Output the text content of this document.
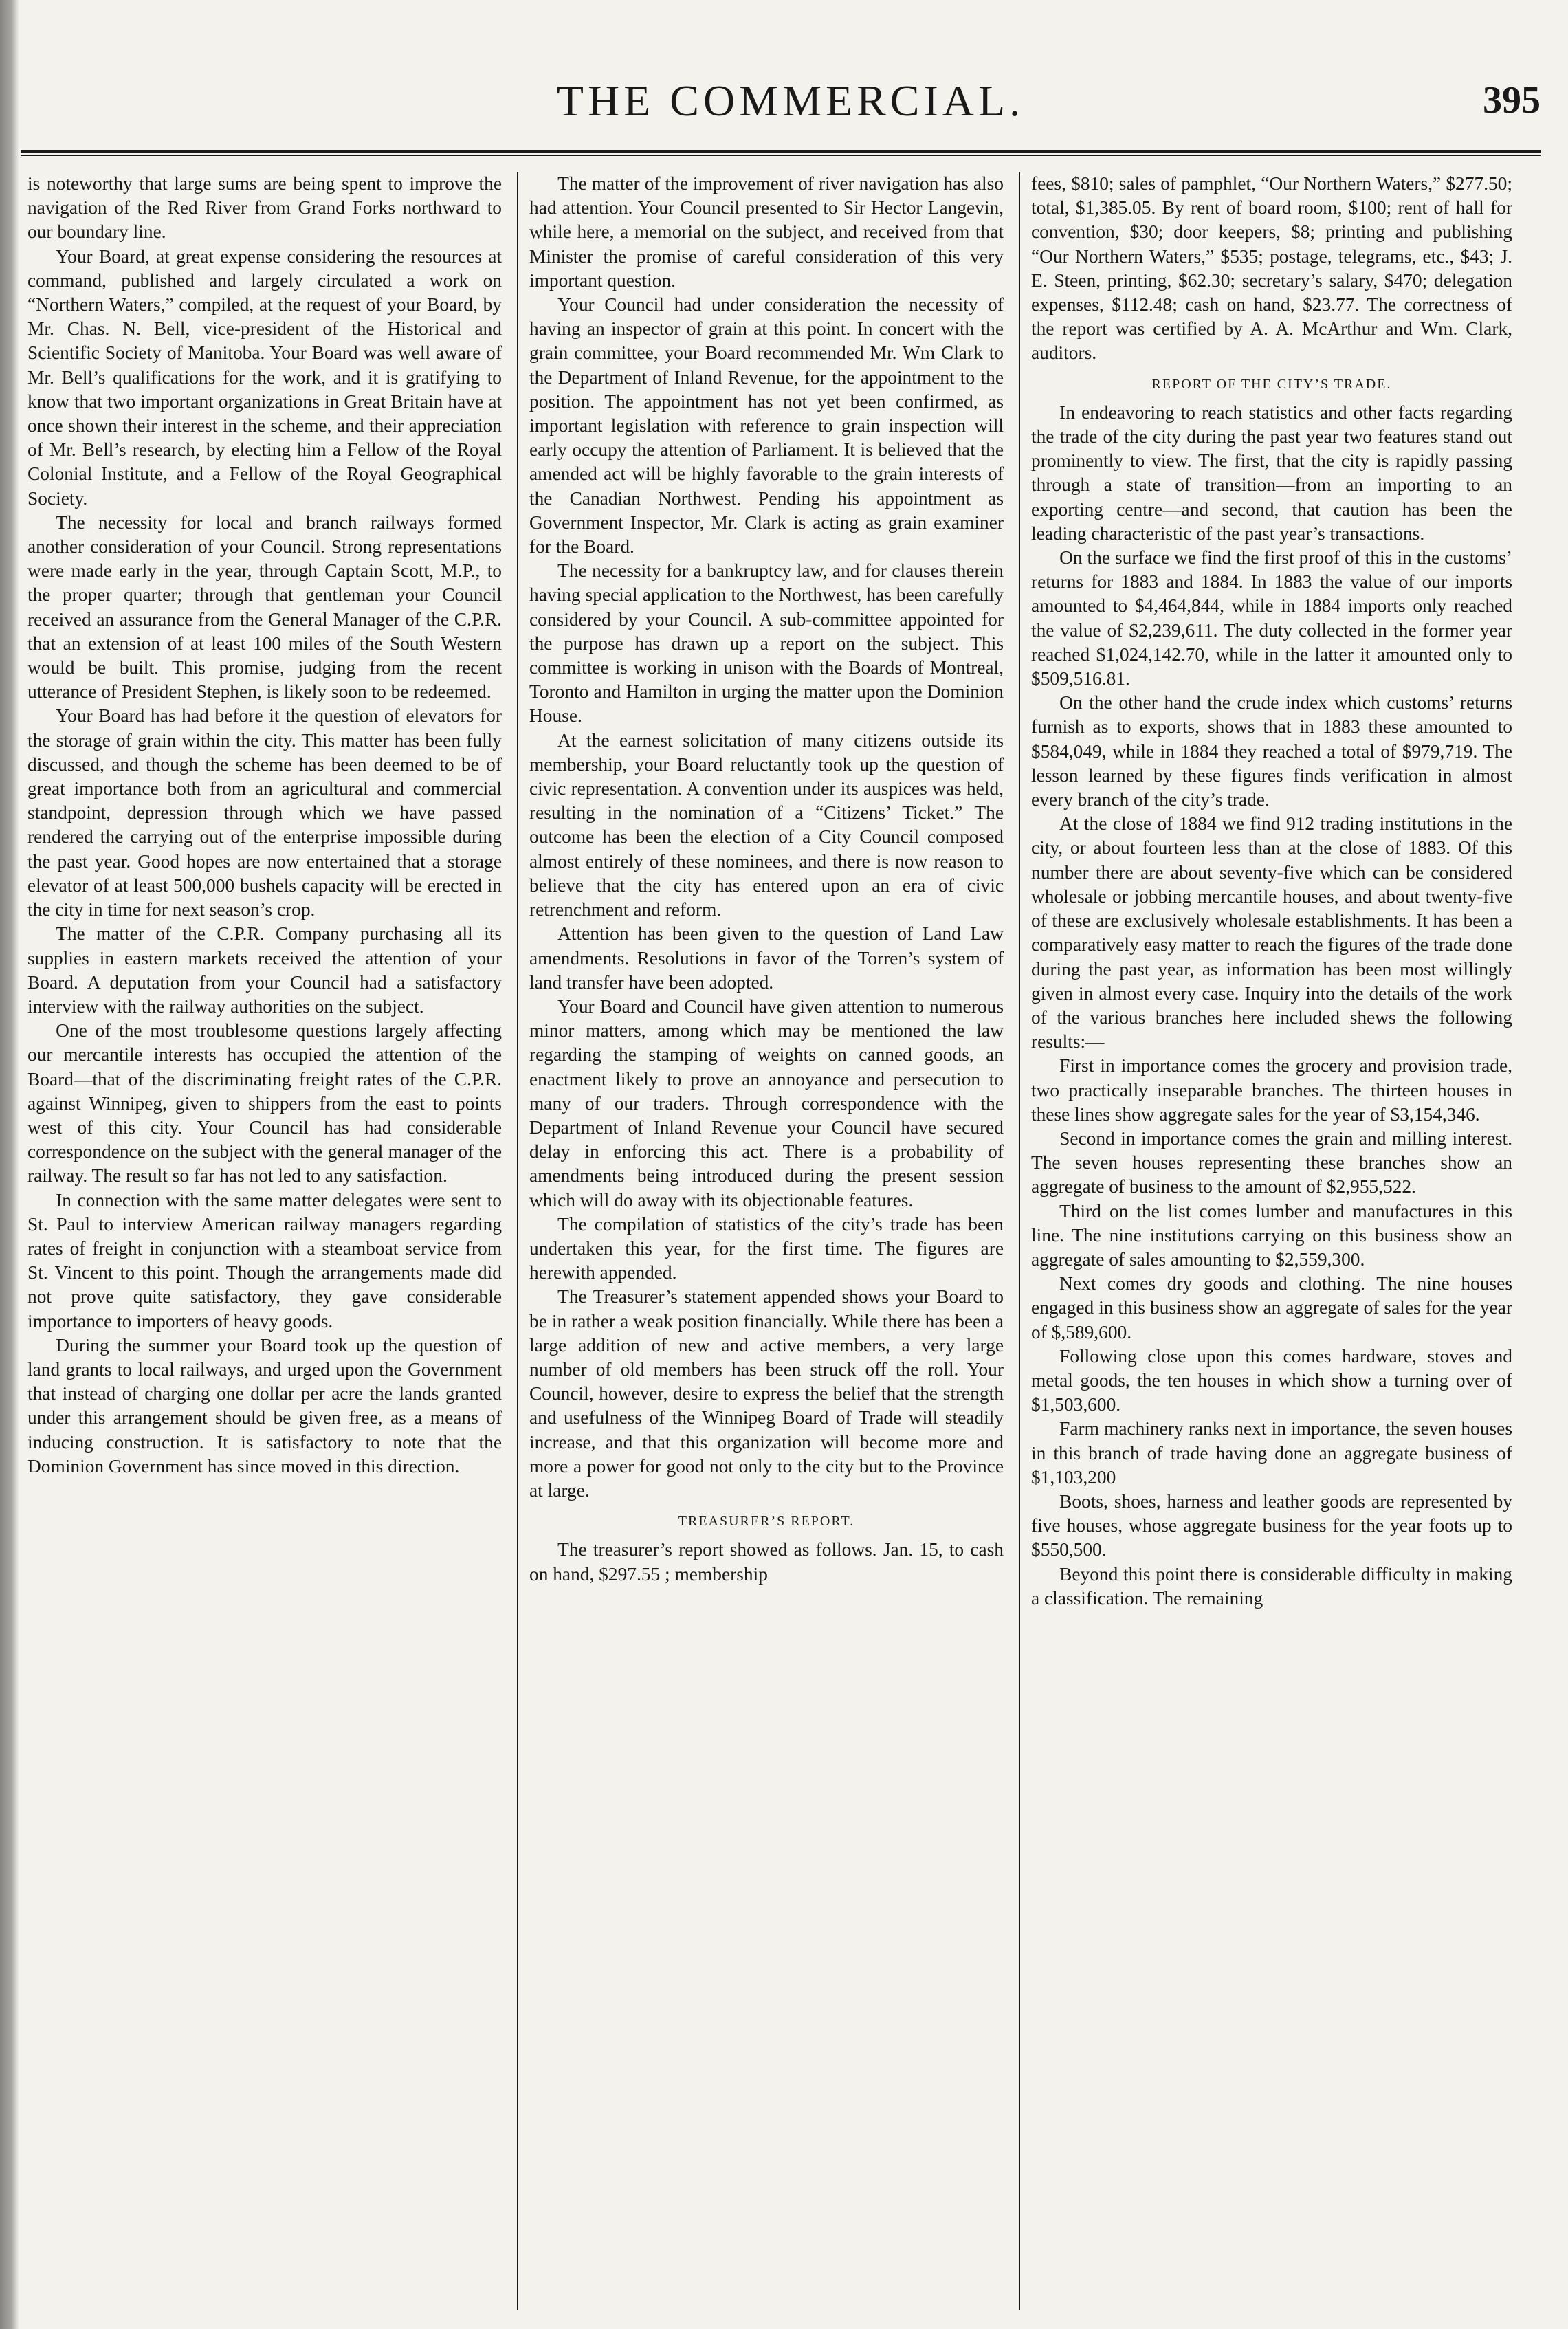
THE COMMERCIAL.	395

is noteworthy that large sums are being spent to improve the navigation of the Red River from Grand Forks northward to our boundary line.

Your Board, at great expense considering the resources at command, published and largely circulated a work on “Northern Waters,” compiled, at the request of your Board, by Mr. Chas. N. Bell, vice-president of the Historical and Scientific Society of Manitoba. Your Board was well aware of Mr. Bell’s qualifications for the work, and it is gratifying to know that two important organizations in Great Britain have at once shown their interest in the scheme, and their appreciation of Mr. Bell’s research, by electing him a Fellow of the Royal Colonial Institute, and a Fellow of the Royal Geographical Society.

The necessity for local and branch railways formed another consideration of your Council. Strong representations were made early in the year, through Captain Scott, M.P., to the proper quarter; through that gentleman your Council received an assurance from the General Manager of the C.P.R. that an extension of at least 100 miles of the South Western would be built. This promise, judging from the recent utterance of President Stephen, is likely soon to be redeemed.

Your Board has had before it the question of elevators for the storage of grain within the city. This matter has been fully discussed, and though the scheme has been deemed to be of great importance both from an agricultural and commercial standpoint, depression through which we have passed rendered the carrying out of the enterprise impossible during the past year. Good hopes are now entertained that a storage elevator of at least 500,000 bushels capacity will be erected in the city in time for next season’s crop.

The matter of the C.P.R. Company purchasing all its supplies in eastern markets received the attention of your Board. A deputation from your Council had a satisfactory interview with the railway authorities on the subject.

One of the most troublesome questions largely affecting our mercantile interests has occupied the attention of the Board—that of the discriminating freight rates of the C.P.R. against Winnipeg, given to shippers from the east to points west of this city. Your Council has had considerable correspondence on the subject with the general manager of the railway. The result so far has not led to any satisfaction.

In connection with the same matter delegates were sent to St. Paul to interview American railway managers regarding rates of freight in conjunction with a steamboat service from St. Vincent to this point. Though the arrangements made did not prove quite satisfactory, they gave considerable importance to importers of heavy goods.

During the summer your Board took up the question of land grants to local railways, and urged upon the Government that instead of charging one dollar per acre the lands granted under this arrangement should be given free, as a means of inducing construction. It is satisfactory to note that the Dominion Government has since moved in this direction.

The matter of the improvement of river navigation has also had attention. Your Council presented to Sir Hector Langevin, while here, a memorial on the subject, and received from that Minister the promise of careful consideration of this very important question.

Your Council had under consideration the necessity of having an inspector of grain at this point. In concert with the grain committee, your Board recommended Mr. Wm Clark to the Department of Inland Revenue, for the appointment to the position. The appointment has not yet been confirmed, as important legislation with reference to grain inspection will early occupy the attention of Parliament. It is believed that the amended act will be highly favorable to the grain interests of the Canadian Northwest. Pending his appointment as Government Inspector, Mr. Clark is acting as grain examiner for the Board.

The necessity for a bankruptcy law, and for clauses therein having special application to the Northwest, has been carefully considered by your Council. A sub-committee appointed for the purpose has drawn up a report on the subject. This committee is working in unison with the Boards of Montreal, Toronto and Hamilton in urging the matter upon the Dominion House.

At the earnest solicitation of many citizens outside its membership, your Board reluctantly took up the question of civic representation. A convention under its auspices was held, resulting in the nomination of a “Citizens’ Ticket.” The outcome has been the election of a City Council composed almost entirely of these nominees, and there is now reason to believe that the city has entered upon an era of civic retrenchment and reform.

Attention has been given to the question of Land Law amendments. Resolutions in favor of the Torren’s system of land transfer have been adopted.

Your Board and Council have given attention to numerous minor matters, among which may be mentioned the law regarding the stamping of weights on canned goods, an enactment likely to prove an annoyance and persecution to many of our traders. Through correspondence with the Department of Inland Revenue your Council have secured delay in enforcing this act. There is a probability of amendments being introduced during the present session which will do away with its objectionable features.

The compilation of statistics of the city’s trade has been undertaken this year, for the first time. The figures are herewith appended.

The Treasurer’s statement appended shows your Board to be in rather a weak position financially. While there has been a large addition of new and active members, a very large number of old members has been struck off the roll. Your Council, however, desire to express the belief that the strength and usefulness of the Winnipeg Board of Trade will steadily increase, and that this organization will become more and more a power for good not only to the city but to the Province at large.

TREASURER’S REPORT.

The treasurer’s report showed as follows. Jan. 15, to cash on hand, $297.55 ; membership

fees, $810; sales of pamphlet, “Our Northern Waters,” $277.50; total, $1,385.05. By rent of board room, $100; rent of hall for convention, $30; door keepers, $8; printing and publishing “Our Northern Waters,” $535; postage, telegrams, etc., $43; J. E. Steen, printing, $62.30; secretary’s salary, $470; delegation expenses, $112.48; cash on hand, $23.77. The correctness of the report was certified by A. A. McArthur and Wm. Clark, auditors.

REPORT OF THE CITY’S TRADE.

In endeavoring to reach statistics and other facts regarding the trade of the city during the past year two features stand out prominently to view. The first, that the city is rapidly passing through a state of transition—from an importing to an exporting centre—and second, that caution has been the leading characteristic of the past year’s transactions.

On the surface we find the first proof of this in the customs’ returns for 1883 and 1884. In 1883 the value of our imports amounted to $4,464,844, while in 1884 imports only reached the value of $2,239,611. The duty collected in the former year reached $1,024,142.70, while in the latter it amounted only to $509,516.81.

On the other hand the crude index which customs’ returns furnish as to exports, shows that in 1883 these amounted to $584,049, while in 1884 they reached a total of $979,719. The lesson learned by these figures finds verification in almost every branch of the city’s trade.

At the close of 1884 we find 912 trading institutions in the city, or about fourteen less than at the close of 1883. Of this number there are about seventy-five which can be considered wholesale or jobbing mercantile houses, and about twenty-five of these are exclusively wholesale establishments. It has been a comparatively easy matter to reach the figures of the trade done during the past year, as information has been most willingly given in almost every case. Inquiry into the details of the work of the various branches here included shews the following results:—

First in importance comes the grocery and provision trade, two practically inseparable branches. The thirteen houses in these lines show aggregate sales for the year of $3,154,346.

Second in importance comes the grain and milling interest. The seven houses representing these branches show an aggregate of business to the amount of $2,955,522.

Third on the list comes lumber and manufactures in this line. The nine institutions carrying on this business show an aggregate of sales amounting to $2,559,300.

Next comes dry goods and clothing. The nine houses engaged in this business show an aggregate of sales for the year of $,589,600.

Following close upon this comes hardware, stoves and metal goods, the ten houses in which show a turning over of $1,503,600.

Farm machinery ranks next in importance, the seven houses in this branch of trade having done an aggregate business of $1,103,200

Boots, shoes, harness and leather goods are represented by five houses, whose aggregate business for the year foots up to $550,500.

Beyond this point there is considerable difficulty in making a classification. The remaining
